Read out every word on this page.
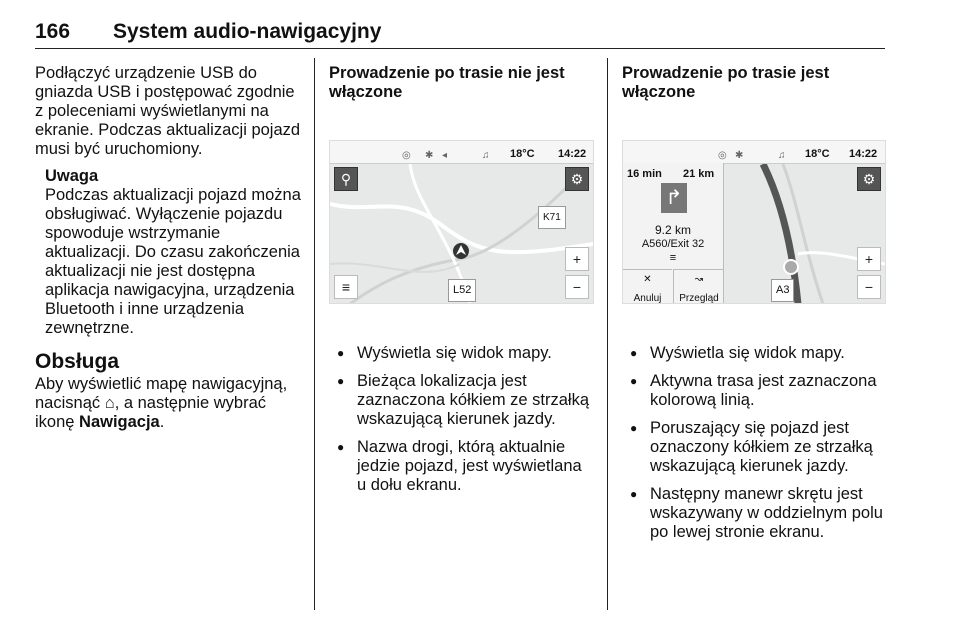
166 System audio-nawigacyjny

Podłączyć urządzenie USB do gniazda USB i postępować zgodnie z poleceniami wyświetlanymi na ekranie. Podczas aktualizacji pojazd musi być uruchomiony.

Uwaga
Podczas aktualizacji pojazd można obsługiwać. Wyłączenie pojazdu spowoduje wstrzymanie aktualizacji. Do czasu zakończenia aktualizacji nie jest dostępna aplikacja nawigacyjna, urządzenia Bluetooth i inne urządzenia zewnętrzne.
Obsługa

Aby wyświetlić mapę nawigacyjną, nacisnąć ⌂, a następnie wybrać ikonę Nawigacja.

Prowadzenie po trasie nie jest włączone

◎ ✱ ◂	♫ 18°C 14:22
K71
L52
⚲	⚙
+
−
≡
● Wyświetla się widok mapy.
● Bieżąca lokalizacja jest zaznaczona kółkiem ze strzałką wskazującą kierunek jazdy.
● Nazwa drogi, którą aktualnie jedzie pojazd, jest wyświetlana u dołu ekranu.

Prowadzenie po trasie jest włączone

◎ ✱	♫ 18°C 14:22
16 min 21 km
↱
9.2 km
A560/Exit 32
≡
✕
Anuluj
↝
Przegląd
A3
⚙
+
−
● Wyświetla się widok mapy.
● Aktywna trasa jest zaznaczona kolorową linią.
● Poruszający się pojazd jest oznaczony kółkiem ze strzałką wskazującą kierunek jazdy.
● Następny manewr skrętu jest wskazywany w oddzielnym polu po lewej stronie ekranu.
